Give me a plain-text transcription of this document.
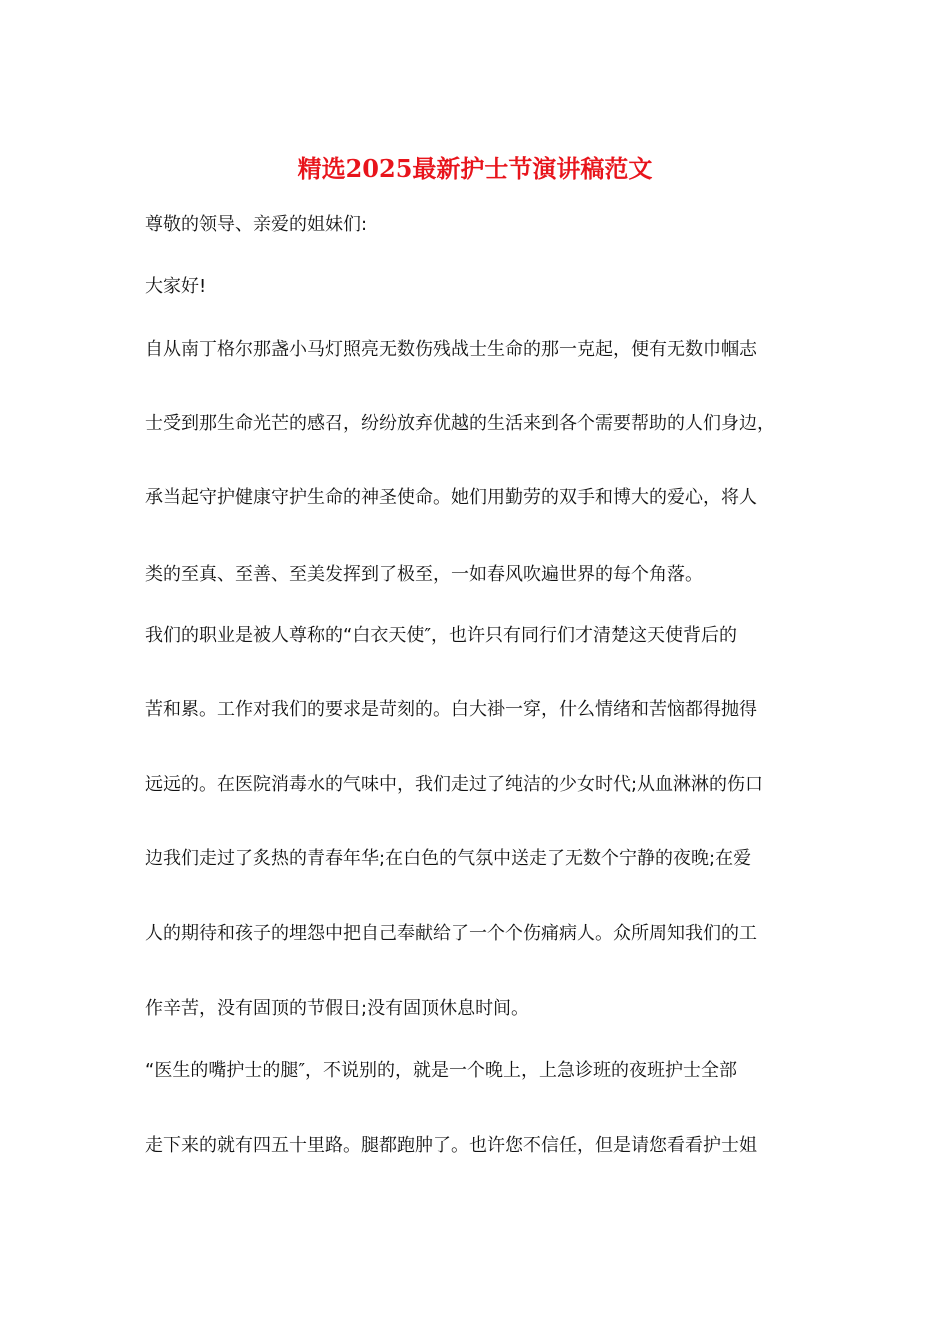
精选2025最新护士节演讲稿范文

尊敬的领导、亲爱的姐妹们:

大家好!

自从南丁格尔那盏小马灯照亮无数伤残战士生命的那一克起，便有无数巾帼志

士受到那生命光芒的感召，纷纷放弃优越的生活来到各个需要帮助的人们身边，

承当起守护健康守护生命的神圣使命。她们用勤劳的双手和博大的爱心，将人

类的至真、至善、至美发挥到了极至，一如春风吹遍世界的每个角落。

我们的职业是被人尊称的“白衣天使″，也许只有同行们才清楚这天使背后的

苦和累。工作对我们的要求是苛刻的。白大褂一穿，什么情绪和苦恼都得抛得

远远的。在医院消毒水的气味中，我们走过了纯洁的少女时代;从血淋淋的伤口

边我们走过了炙热的青春年华;在白色的气氛中送走了无数个宁静的夜晚;在爱

人的期待和孩子的埋怨中把自己奉献给了一个个伤痛病人。众所周知我们的工

作辛苦，没有固顶的节假日;没有固顶休息时间。

“医生的嘴护士的腿″，不说别的，就是一个晚上，上急诊班的夜班护士全部

走下来的就有四五十里路。腿都跑肿了。也许您不信任，但是请您看看护士姐
